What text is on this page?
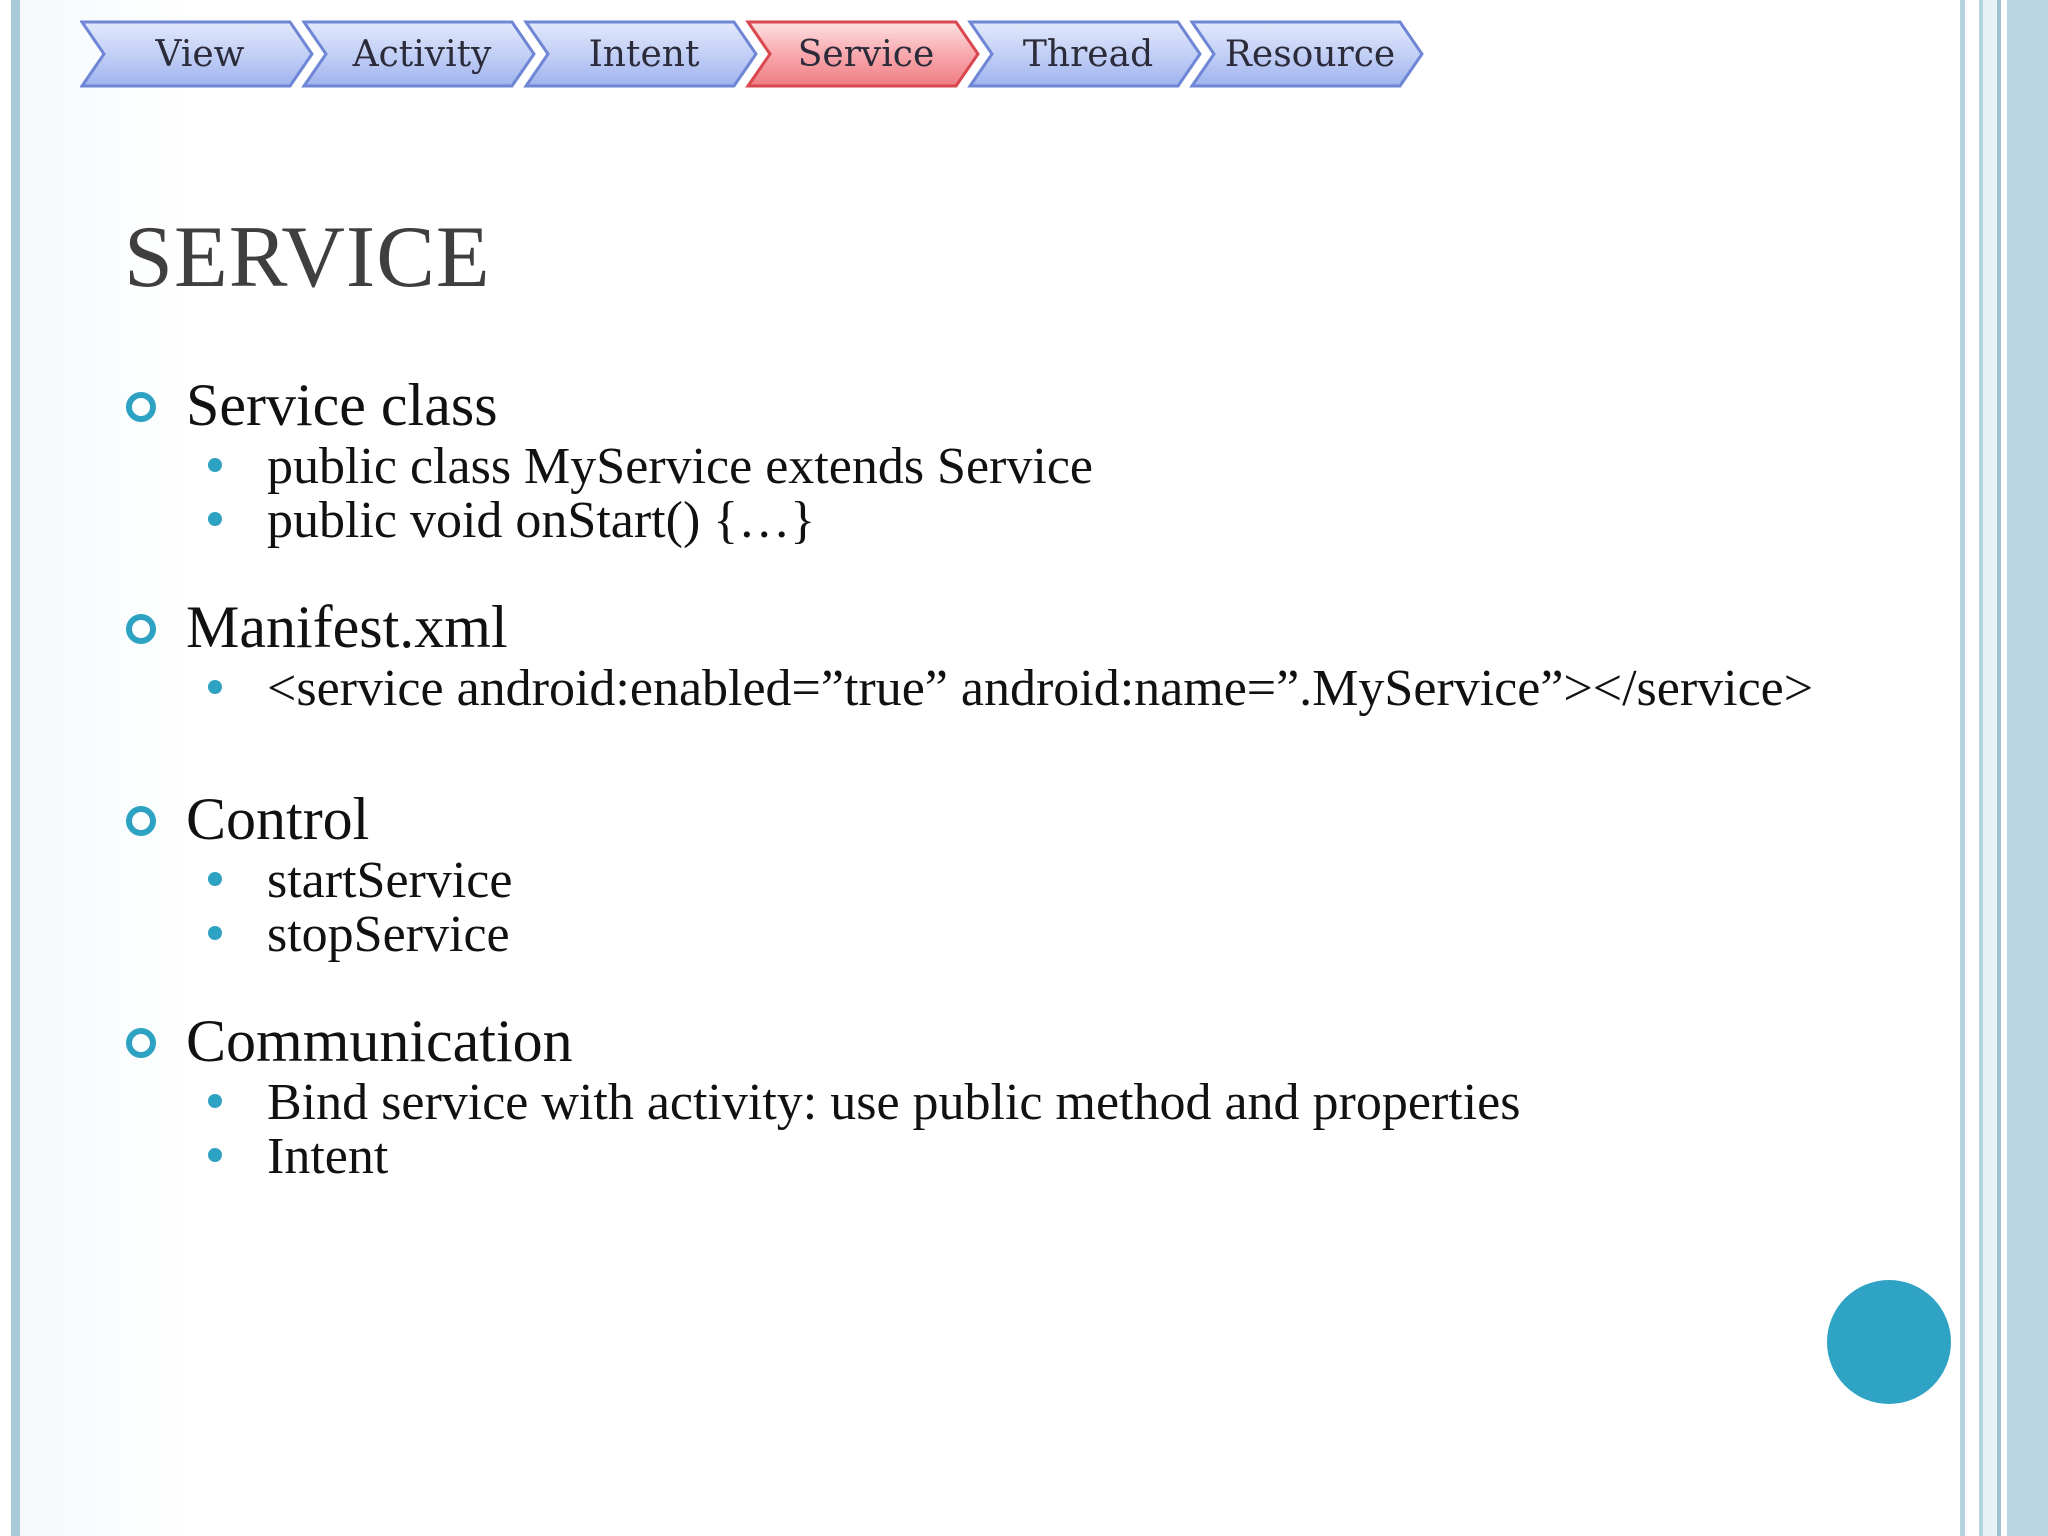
View	Activity	Intent	Service	Thread	Resource
SERVICE
Service class
public class MyService extends Service
public void onStart() {…}
Manifest.xml
<service android:enabled=”true” android:name=”.MyService”></service>
Control
startService
stopService
Communication
Bind service with activity: use public method and properties
Intent
